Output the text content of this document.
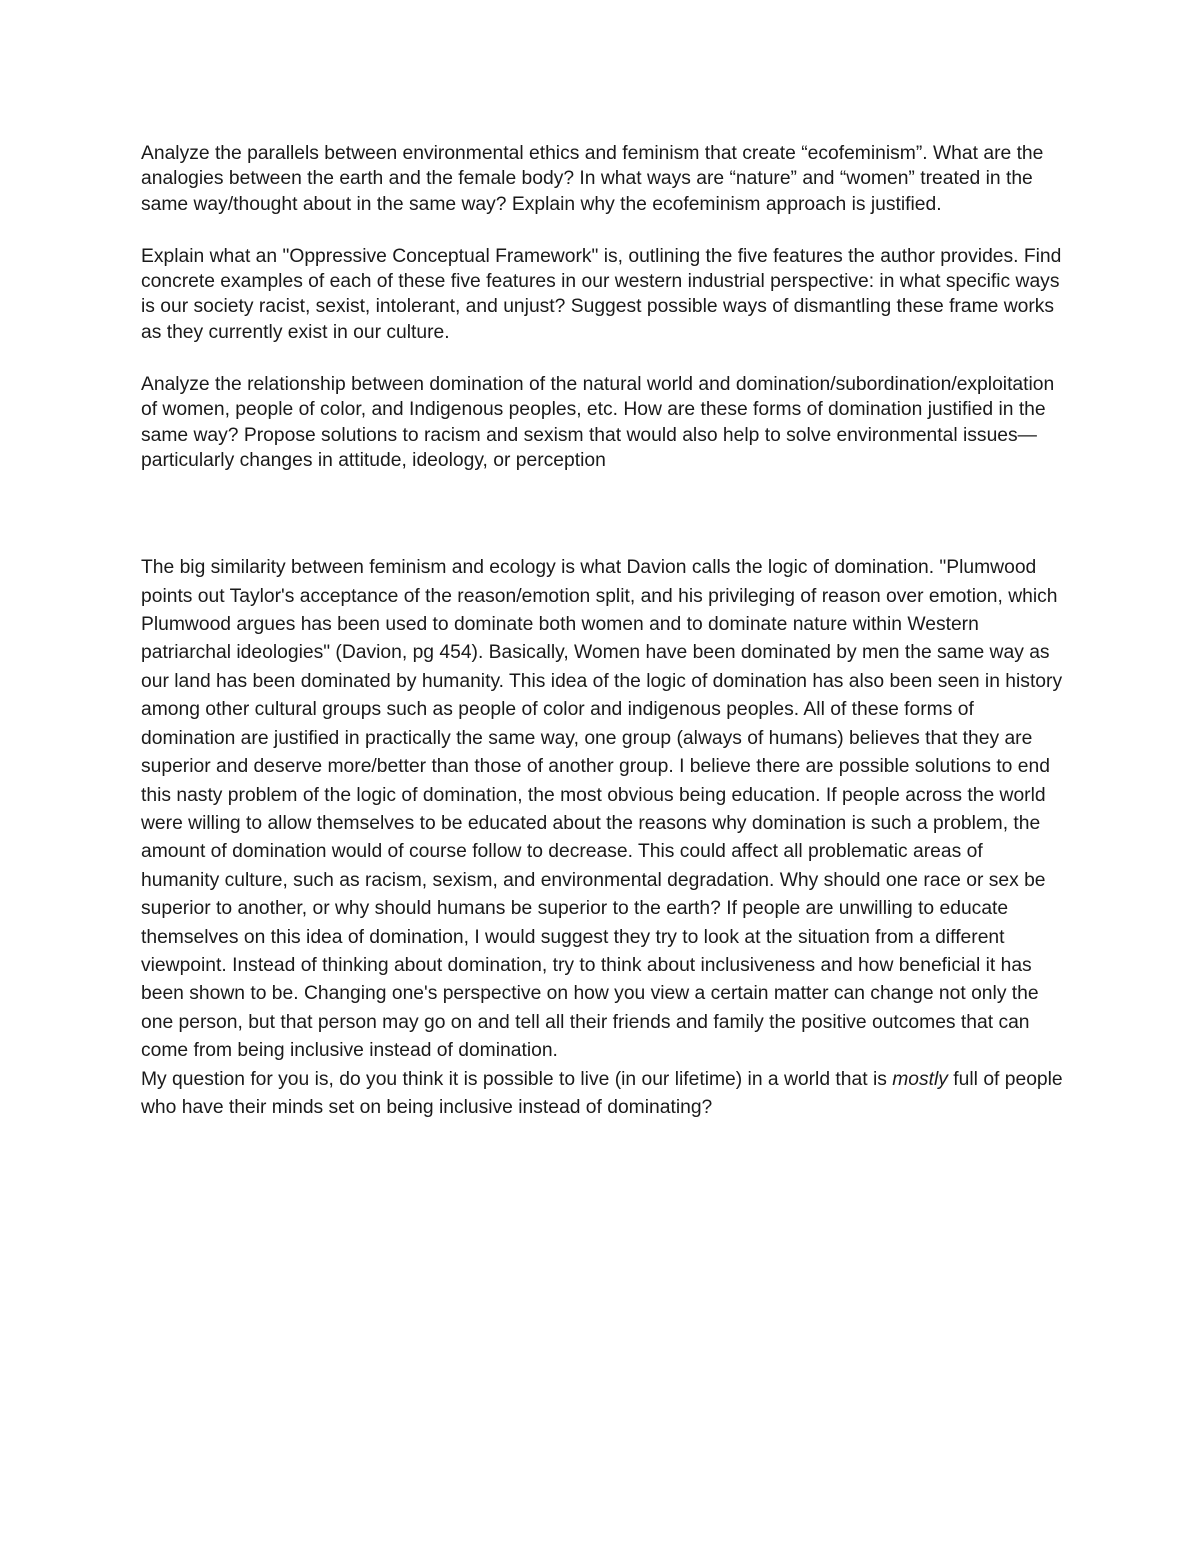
Analyze the parallels between environmental ethics and feminism that create “ecofeminism”. What are the analogies between the earth and the female body? In what ways are “nature” and “women” treated in the same way/thought about in the same way? Explain why the ecofeminism approach is justified.

Explain what an "Oppressive Conceptual Framework" is, outlining the five features the author provides. Find concrete examples of each of these five features in our western industrial perspective: in what specific ways is our society racist, sexist, intolerant, and unjust? Suggest possible ways of dismantling these frame works as they currently exist in our culture.

Analyze the relationship between domination of the natural world and domination/subordination/exploitation of women, people of color, and Indigenous peoples, etc. How are these forms of domination justified in the same way? Propose solutions to racism and sexism that would also help to solve environmental issues—particularly changes in attitude, ideology, or perception

The big similarity between feminism and ecology is what Davion calls the logic of domination. "Plumwood points out Taylor's acceptance of the reason/emotion split, and his privileging of reason over emotion, which Plumwood argues has been used to dominate both women and to dominate nature within Western patriarchal ideologies" (Davion, pg 454). Basically, Women have been dominated by men the same way as our land has been dominated by humanity. This idea of the logic of domination has also been seen in history among other cultural groups such as people of color and indigenous peoples. All of these forms of domination are justified in practically the same way, one group (always of humans) believes that they are superior and deserve more/better than those of another group. I believe there are possible solutions to end this nasty problem of the logic of domination, the most obvious being education. If people across the world were willing to allow themselves to be educated about the reasons why domination is such a problem, the amount of domination would of course follow to decrease. This could affect all problematic areas of humanity culture, such as racism, sexism, and environmental degradation. Why should one race or sex be superior to another, or why should humans be superior to the earth? If people are unwilling to educate themselves on this idea of domination, I would suggest they try to look at the situation from a different viewpoint. Instead of thinking about domination, try to think about inclusiveness and how beneficial it has been shown to be. Changing one's perspective on how you view a certain matter can change not only the one person, but that person may go on and tell all their friends and family the positive outcomes that can come from being inclusive instead of domination.

My question for you is, do you think it is possible to live (in our lifetime) in a world that is mostly full of people who have their minds set on being inclusive instead of dominating?
